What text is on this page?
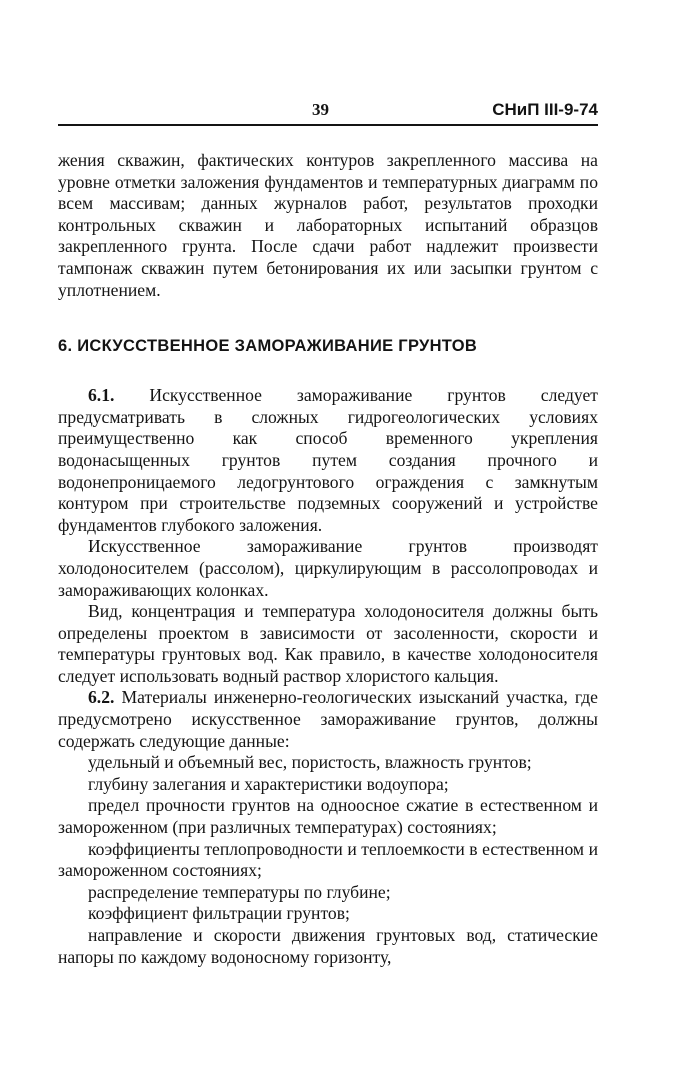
39	СНиП III-9-74

жения скважин, фактических контуров закрепленного массива на уровне отметки заложения фундаментов и температурных диаграмм по всем массивам; данных журналов работ, результатов проходки контрольных скважин и лабораторных испытаний образцов закрепленного грунта. После сдачи работ надлежит произвести тампонаж скважин путем бетонирования их или засыпки грунтом с уплотнением.

6. ИСКУССТВЕННОЕ ЗАМОРАЖИВАНИЕ ГРУНТОВ

6.1. Искусственное замораживание грунтов следует предусматривать в сложных гидрогеологических условиях преимущественно как способ временного укрепления водонасыщенных грунтов путем создания прочного и водонепроницаемого ледогрунтового ограждения с замкнутым контуром при строительстве подземных сооружений и устройстве фундаментов глубокого заложения.

Искусственное замораживание грунтов производят холодоносителем (рассолом), циркулирующим в рассолопроводах и замораживающих колонках.

Вид, концентрация и температура холодоносителя должны быть определены проектом в зависимости от засоленности, скорости и температуры грунтовых вод. Как правило, в качестве холодоносителя следует использовать водный раствор хлористого кальция.

6.2. Материалы инженерно-геологических изысканий участка, где предусмотрено искусственное замораживание грунтов, должны содержать следующие данные:

удельный и объемный вес, пористость, влажность грунтов;
глубину залегания и характеристики водоупора;
предел прочности грунтов на одноосное сжатие в естественном и замороженном (при различных температурах) состояниях;
коэффициенты теплопроводности и теплоемкости в естественном и замороженном состояниях;
распределение температуры по глубине;
коэффициент фильтрации грунтов;
направление и скорости движения грунтовых вод, статические напоры по каждому водоносному горизонту,
